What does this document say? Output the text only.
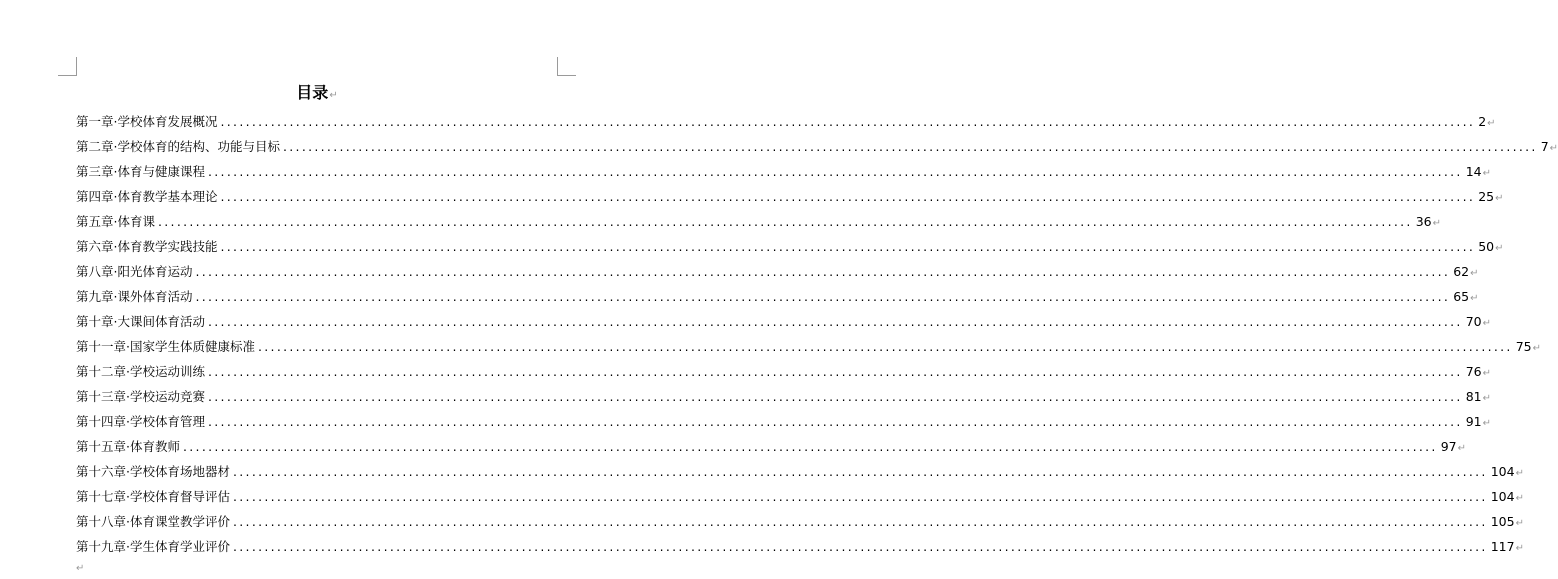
目录↵
第一章·学校体育发展概况 ........................................................................................................................................................................................................ 2 ↵
第二章·学校体育的结构、功能与目标 ........................................................................................................................................................................................................ 7 ↵
第三章·体育与健康课程 ........................................................................................................................................................................................................ 14 ↵
第四章·体育教学基本理论 ........................................................................................................................................................................................................ 25 ↵
第五章·体育课 ........................................................................................................................................................................................................ 36 ↵
第六章·体育教学实践技能 ........................................................................................................................................................................................................ 50 ↵
第八章·阳光体育运动 ........................................................................................................................................................................................................ 62 ↵
第九章·课外体育活动 ........................................................................................................................................................................................................ 65 ↵
第十章·大课间体育活动 ........................................................................................................................................................................................................ 70 ↵
第十一章·国家学生体质健康标准 ........................................................................................................................................................................................................ 75 ↵
第十二章·学校运动训练 ........................................................................................................................................................................................................ 76 ↵
第十三章·学校运动竞赛 ........................................................................................................................................................................................................ 81 ↵
第十四章·学校体育管理 ........................................................................................................................................................................................................ 91 ↵
第十五章·体育教师 ........................................................................................................................................................................................................ 97 ↵
第十六章·学校体育场地器材 ........................................................................................................................................................................................................ 104 ↵
第十七章·学校体育督导评估 ........................................................................................................................................................................................................ 104 ↵
第十八章·体育课堂教学评价 ........................................................................................................................................................................................................ 105 ↵
第十九章·学生体育学业评价 ........................................................................................................................................................................................................ 117 ↵
↵
